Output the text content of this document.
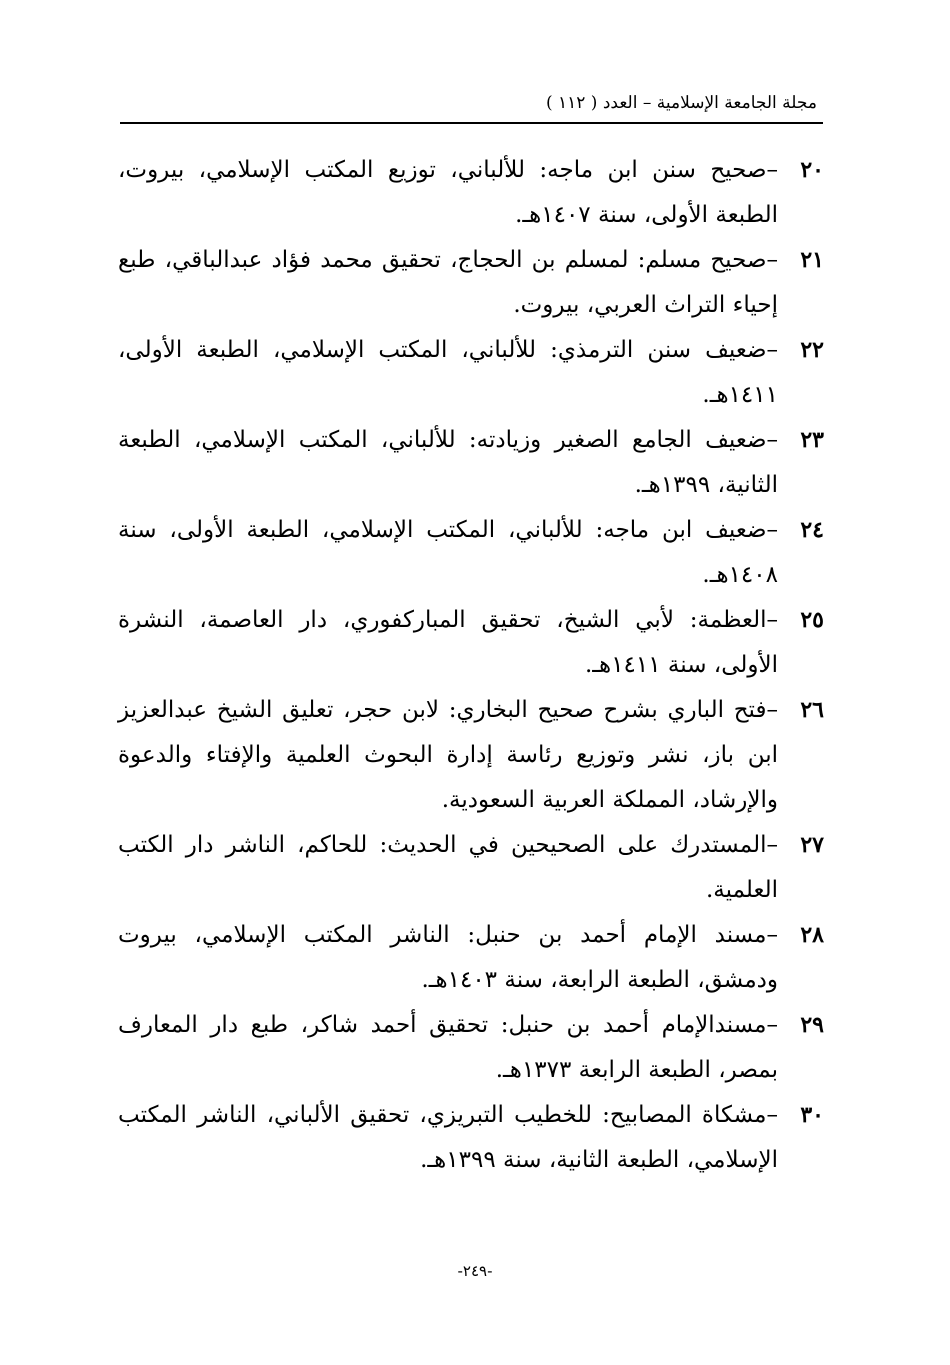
مجلة الجامعة الإسلامية – العدد ( ١١٢ )
٢٠
–صحيح سنن ابن ماجه: للألباني، توزيع المكتب الإسلامي، بيروت، الطبعة الأولى، سنة ١٤٠٧هـ.
٢١
–صحيح مسلم: لمسلم بن الحجاج، تحقيق محمد فؤاد عبدالباقي، طبع إحياء التراث العربي، بيروت.
٢٢
–ضعيف سنن الترمذي: للألباني، المكتب الإسلامي، الطبعة الأولى، ١٤١١هـ.
٢٣
–ضعيف الجامع الصغير وزيادته: للألباني، المكتب الإسلامي، الطبعة الثانية، ١٣٩٩هـ.
٢٤
–ضعيف ابن ماجه: للألباني، المكتب الإسلامي، الطبعة الأولى، سنة ١٤٠٨هـ.
٢٥
–العظمة: لأبي الشيخ، تحقيق المباركفوري، دار العاصمة، النشرة الأولى، سنة ١٤١١هـ.
٢٦
–فتح الباري بشرح صحيح البخاري: لابن حجر، تعليق الشيخ عبدالعزيز ابن باز، نشر وتوزيع رئاسة إدارة البحوث العلمية والإفتاء والدعوة والإرشاد، المملكة العربية السعودية.
٢٧
–المستدرك على الصحيحين في الحديث: للحاكم، الناشر دار الكتب العلمية.
٢٨
–مسند الإمام أحمد بن حنبل: الناشر المكتب الإسلامي، بيروت ودمشق، الطبعة الرابعة، سنة ١٤٠٣هـ.
٢٩
–مسندالإمام أحمد بن حنبل: تحقيق أحمد شاكر، طبع دار المعارف بمصر، الطبعة الرابعة ١٣٧٣هـ.
٣٠
–مشكاة المصابيح: للخطيب التبريزي، تحقيق الألباني، الناشر المكتب الإسلامي، الطبعة الثانية، سنة ١٣٩٩هـ.
-٢٤٩-
